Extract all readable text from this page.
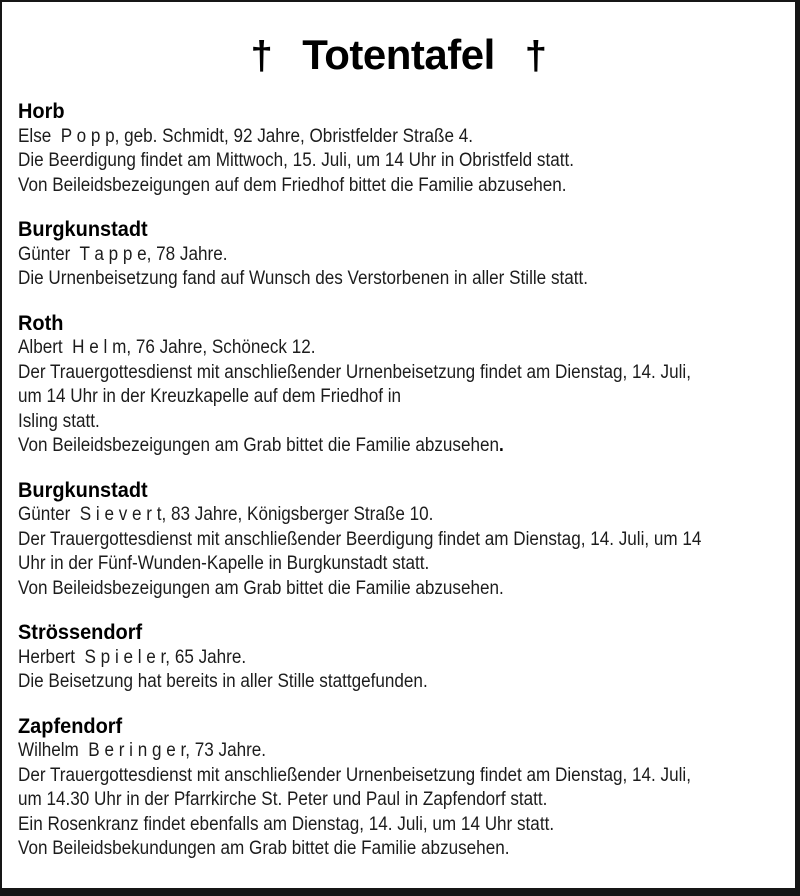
† Totentafel †
Horb
Else  P o p p, geb. Schmidt, 92 Jahre, Obristfelder Straße 4.
Die Beerdigung findet am Mittwoch, 15. Juli, um 14 Uhr in Obristfeld statt.
Von Beileidsbezeigungen auf dem Friedhof bittet die Familie abzusehen.
Burgkunstadt
Günter  T a p p e, 78 Jahre.
Die Urnenbeisetzung fand auf Wunsch des Verstorbenen in aller Stille statt.
Roth
Albert  H e l m, 76 Jahre, Schöneck 12.
Der Trauergottesdienst mit anschließender Urnenbeisetzung findet am Dienstag, 14. Juli,
um 14 Uhr in der Kreuzkapelle auf dem Friedhof in
Isling statt.
Von Beileidsbezeigungen am Grab bittet die Familie abzusehen.
Burgkunstadt
Günter  S i e v e r t, 83 Jahre, Königsberger Straße 10.
Der Trauergottesdienst mit anschließender Beerdigung findet am Dienstag, 14. Juli, um 14
Uhr in der Fünf-Wunden-Kapelle in Burgkunstadt statt.
Von Beileidsbezeigungen am Grab bittet die Familie abzusehen.
Strössendorf
Herbert  S p i e l e r, 65 Jahre.
Die Beisetzung hat bereits in aller Stille stattgefunden.
Zapfendorf
Wilhelm  B e r i n g e r, 73 Jahre.
Der Trauergottesdienst mit anschließender Urnenbeisetzung findet am Dienstag, 14. Juli,
um 14.30 Uhr in der Pfarrkirche St. Peter und Paul in Zapfendorf statt.
Ein Rosenkranz findet ebenfalls am Dienstag, 14. Juli, um 14 Uhr statt.
Von Beileidsbekundungen am Grab bittet die Familie abzusehen.
